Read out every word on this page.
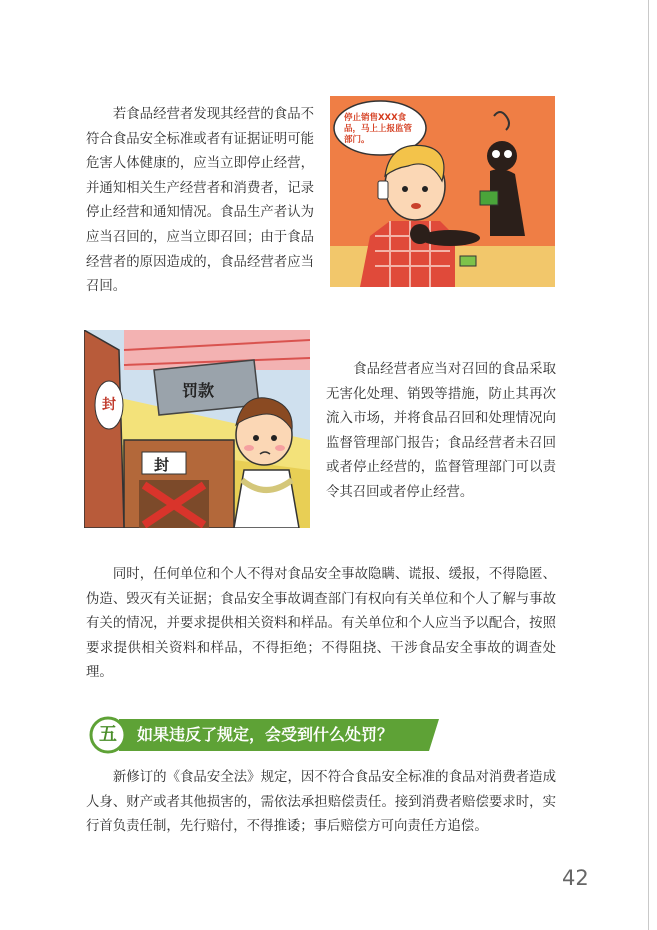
　　若食品经营者发现其经营的食品不符合食品安全标准或者有证据证明可能危害人体健康的，应当立即停止经营，并通知相关生产经营者和消费者，记录停止经营和通知情况。食品生产者认为应当召回的，应当立即召回；由于食品经营者的原因造成的，食品经营者应当召回。

停止销售XXX食品，马上上报监管部门。
罚款
封
封

　　食品经营者应当对召回的食品采取无害化处理、销毁等措施，防止其再次流入市场，并将食品召回和处理情况向监督管理部门报告；食品经营者未召回或者停止经营的，监督管理部门可以责令其召回或者停止经营。

　　同时，任何单位和个人不得对食品安全事故隐瞒、谎报、缓报，不得隐匿、伪造、毁灭有关证据；食品安全事故调查部门有权向有关单位和个人了解与事故有关的情况，并要求提供相关资料和样品。有关单位和个人应当予以配合，按照要求提供相关资料和样品，不得拒绝；不得阻挠、干涉食品安全事故的调查处理。

五	如果违反了规定，会受到什么处罚？

　　新修订的《食品安全法》规定，因不符合食品安全标准的食品对消费者造成人身、财产或者其他损害的，需依法承担赔偿责任。接到消费者赔偿要求时，实行首负责任制，先行赔付，不得推诿；事后赔偿方可向责任方追偿。

42
